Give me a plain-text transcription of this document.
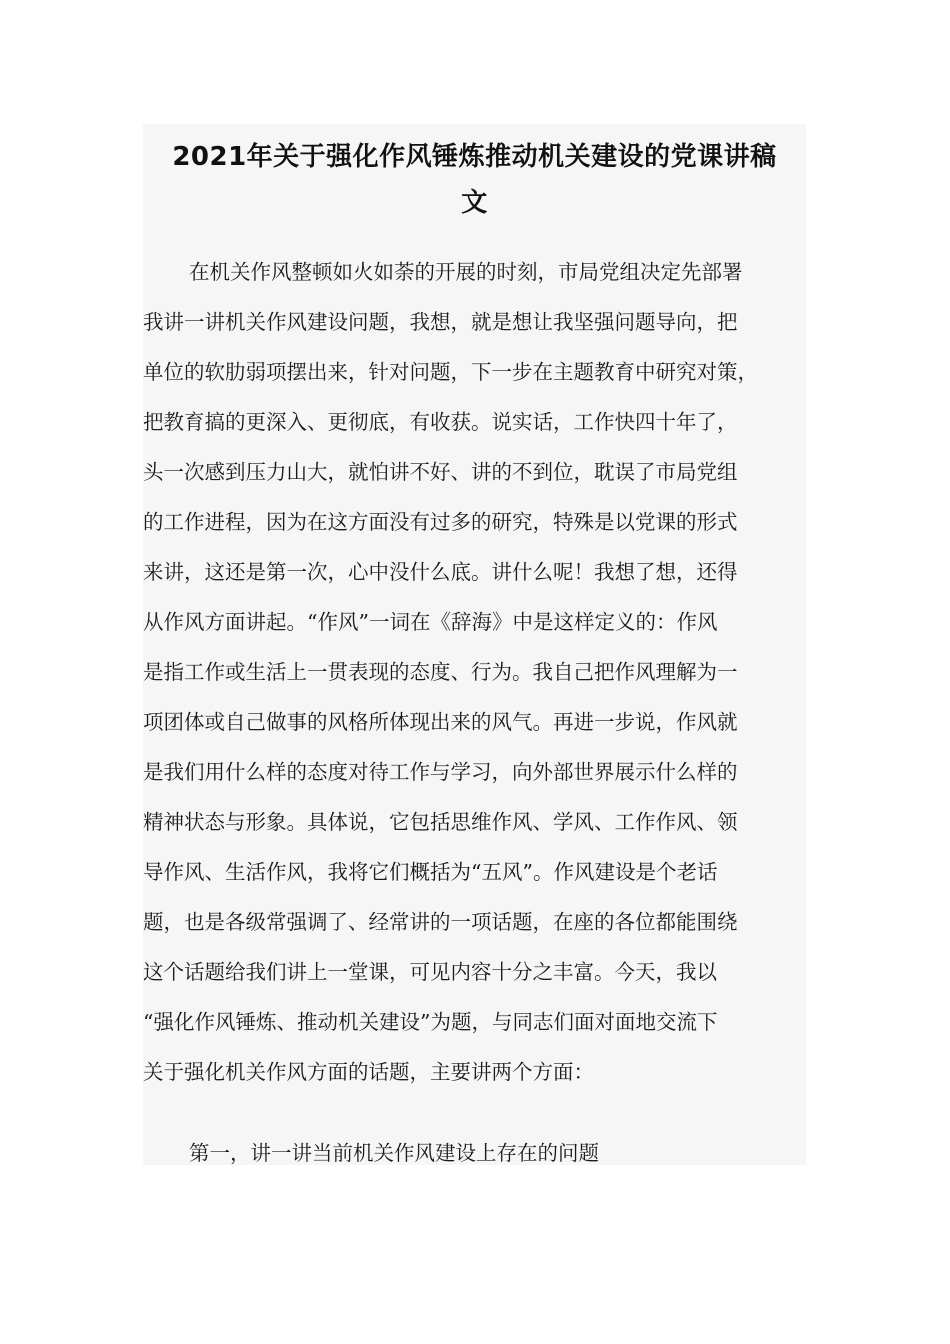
2021年关于强化作风锤炼推动机关建设的党课讲稿
文
在机关作风整顿如火如荼的开展的时刻，市局党组决定先部署
我讲一讲机关作风建设问题，我想，就是想让我坚强问题导向，把
单位的软肋弱项摆出来，针对问题，下一步在主题教育中研究对策，
把教育搞的更深入、更彻底，有收获。说实话，工作快四十年了，
头一次感到压力山大，就怕讲不好、讲的不到位，耽误了市局党组
的工作进程，因为在这方面没有过多的研究，特殊是以党课的形式
来讲，这还是第一次，心中没什么底。讲什么呢！我想了想，还得
从作风方面讲起。“作风”一词在《辞海》中是这样定义的：作风
是指工作或生活上一贯表现的态度、行为。我自己把作风理解为一
项团体或自己做事的风格所体现出来的风气。再进一步说，作风就
是我们用什么样的态度对待工作与学习，向外部世界展示什么样的
精神状态与形象。具体说，它包括思维作风、学风、工作作风、领
导作风、生活作风，我将它们概括为“五风”。作风建设是个老话
题，也是各级常强调了、经常讲的一项话题，在座的各位都能围绕
这个话题给我们讲上一堂课，可见内容十分之丰富。今天，我以
“强化作风锤炼、推动机关建设”为题，与同志们面对面地交流下
关于强化机关作风方面的话题，主要讲两个方面：
第一，讲一讲当前机关作风建设上存在的问题
